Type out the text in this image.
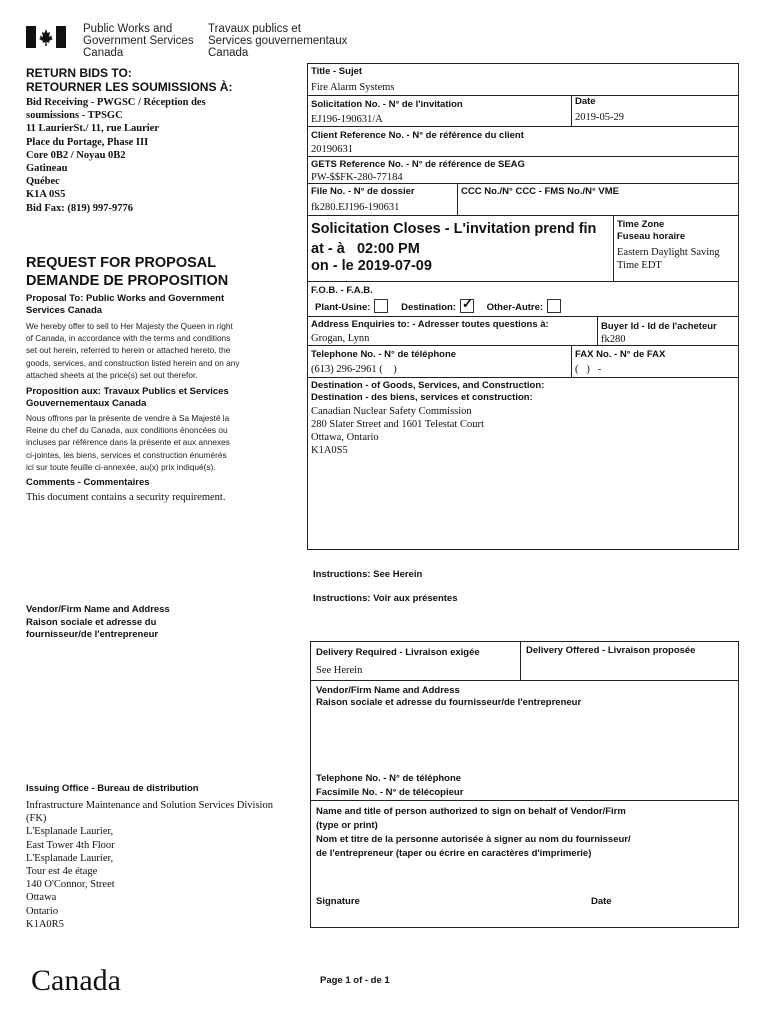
Public Works and
Government Services
Canada
Travaux publics et
Services gouvernementaux
Canada
RETURN BIDS TO:
RETOURNER LES SOUMISSIONS À:
Bid Receiving - PWGSC / Réception des
soumissions - TPSGC
11 LaurierSt./ 11, rue Laurier
Place du Portage, Phase III
Core 0B2 / Noyau 0B2
Gatineau
Québec
K1A 0S5
Bid Fax: (819) 997-9776
REQUEST FOR PROPOSAL
DEMANDE DE PROPOSITION
Proposal To: Public Works and Government
Services Canada
We hereby offer to sell to Her Majesty the Queen in right
of Canada, in accordance with the terms and conditions
set out herein, referred to herein or attached hereto, the
goods, services, and construction listed herein and on any
attached sheets at the price(s) set out therefor.
Proposition aux: Travaux Publics et Services
Gouvernementaux Canada
Nous offrons par la présente de vendre à Sa Majesté la
Reine du chef du Canada, aux conditions énoncées ou
incluses par référence dans la présente et aux annexes
ci-jointes, les biens, services et construction énumérés
ici sur toute feuille ci-annexée, au(x) prix indiqué(s).
Comments - Commentaires
This document contains a security requirement.
Vendor/Firm Name and Address
Raison sociale et adresse du
fournisseur/de l'entrepreneur
Issuing Office - Bureau de distribution
Infrastructure Maintenance and Solution Services Division
(FK)
L'Esplanade Laurier,
East Tower 4th Floor
L'Esplanade Laurier,
Tour est 4e étage
140 O'Connor, Street
Ottawa
Ontario
K1A0R5
Title - Sujet
Fire Alarm Systems
Solicitation No. - N° de l'invitation
EJ196-190631/A
Date
2019-05-29
Client Reference No. - N° de référence du client
20190631
GETS Reference No. - N° de référence de SEAG
PW-$$FK-280-77184
File No. - N° de dossier
fk280.EJ196-190631
CCC No./N° CCC - FMS No./N° VME
Solicitation Closes - L'invitation prend fin
at - à 02:00 PM
on - le 2019-07-09
Time Zone
Fuseau horaire
Eastern Daylight Saving
Time EDT
F.O.B. - F.A.B.
Plant-Usine:	Destination: ✓ Other-Autre:
Address Enquiries to: - Adresser toutes questions à:
Grogan, Lynn
Buyer Id - Id de l'acheteur
fk280
Telephone No. - N° de téléphone
(613) 296-2961 (    )
FAX No. - N° de FAX
(   )   -
Destination - of Goods, Services, and Construction:
Destination - des biens, services et construction:
Canadian Nuclear Safety Commission
280 Slater Street and 1601 Telestat Court
Ottawa, Ontario
K1A0S5
Instructions: See Herein
Instructions: Voir aux présentes
Delivery Required - Livraison exigée
See Herein
Delivery Offered - Livraison proposée
Vendor/Firm Name and Address
Raison sociale et adresse du fournisseur/de l'entrepreneur
Telephone No. - N° de téléphone
Facsimile No. - N° de télécopieur
Name and title of person authorized to sign on behalf of Vendor/Firm
(type or print)
Nom et titre de la personne autorisée à signer au nom du fournisseur/
de l'entrepreneur (taper ou écrire en caractères d'imprimerie)
Signature	Date
Canada	Page 1 of - de 1
